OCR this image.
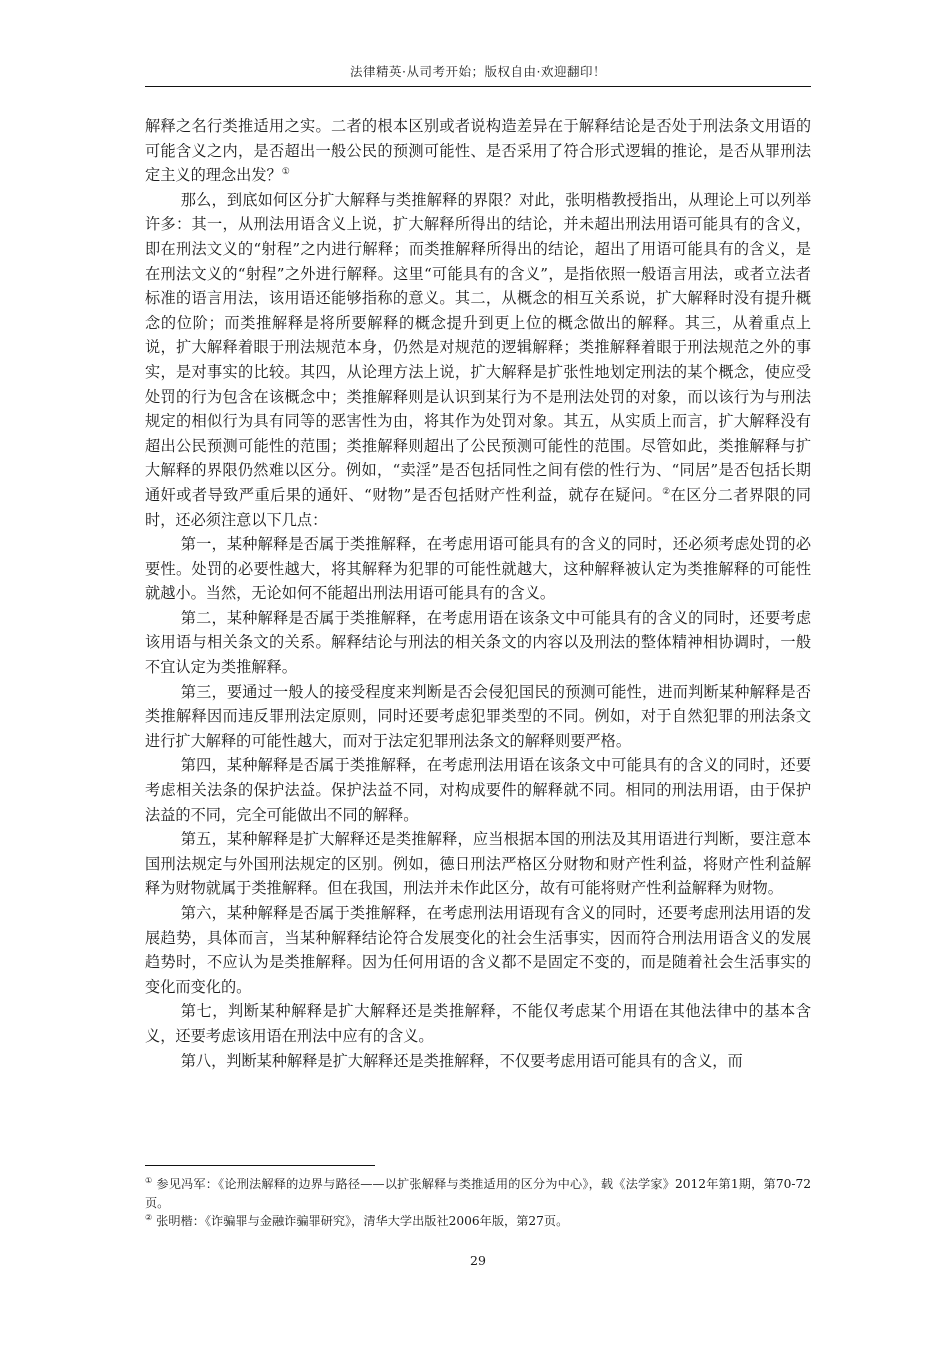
法律精英·从司考开始；版权自由·欢迎翻印！

解释之名行类推适用之实。二者的根本区别或者说构造差异在于解释结论是否处于刑法条文用语的可能含义之内，是否超出一般公民的预测可能性、是否采用了符合形式逻辑的推论，是否从罪刑法定主义的理念出发？①

那么，到底如何区分扩大解释与类推解释的界限？对此，张明楷教授指出，从理论上可以列举许多：其一，从刑法用语含义上说，扩大解释所得出的结论，并未超出刑法用语可能具有的含义，即在刑法文义的“射程”之内进行解释；而类推解释所得出的结论，超出了用语可能具有的含义，是在刑法文义的“射程”之外进行解释。这里“可能具有的含义”，是指依照一般语言用法，或者立法者标准的语言用法，该用语还能够指称的意义。其二，从概念的相互关系说，扩大解释时没有提升概念的位阶；而类推解释是将所要解释的概念提升到更上位的概念做出的解释。其三，从着重点上说，扩大解释着眼于刑法规范本身，仍然是对规范的逻辑解释；类推解释着眼于刑法规范之外的事实，是对事实的比较。其四，从论理方法上说，扩大解释是扩张性地划定刑法的某个概念，使应受处罚的行为包含在该概念中；类推解释则是认识到某行为不是刑法处罚的对象，而以该行为与刑法规定的相似行为具有同等的恶害性为由，将其作为处罚对象。其五，从实质上而言，扩大解释没有超出公民预测可能性的范围；类推解释则超出了公民预测可能性的范围。尽管如此，类推解释与扩大解释的界限仍然难以区分。例如，“卖淫”是否包括同性之间有偿的性行为、“同居”是否包括长期通奸或者导致严重后果的通奸、“财物”是否包括财产性利益，就存在疑问。②在区分二者界限的同时，还必须注意以下几点：

第一，某种解释是否属于类推解释，在考虑用语可能具有的含义的同时，还必须考虑处罚的必要性。处罚的必要性越大，将其解释为犯罪的可能性就越大，这种解释被认定为类推解释的可能性就越小。当然，无论如何不能超出刑法用语可能具有的含义。

第二，某种解释是否属于类推解释，在考虑用语在该条文中可能具有的含义的同时，还要考虑该用语与相关条文的关系。解释结论与刑法的相关条文的内容以及刑法的整体精神相协调时，一般不宜认定为类推解释。

第三，要通过一般人的接受程度来判断是否会侵犯国民的预测可能性，进而判断某种解释是否类推解释因而违反罪刑法定原则，同时还要考虑犯罪类型的不同。例如，对于自然犯罪的刑法条文进行扩大解释的可能性越大，而对于法定犯罪刑法条文的解释则要严格。

第四，某种解释是否属于类推解释，在考虑刑法用语在该条文中可能具有的含义的同时，还要考虑相关法条的保护法益。保护法益不同，对构成要件的解释就不同。相同的刑法用语，由于保护法益的不同，完全可能做出不同的解释。

第五，某种解释是扩大解释还是类推解释，应当根据本国的刑法及其用语进行判断，要注意本国刑法规定与外国刑法规定的区别。例如，德日刑法严格区分财物和财产性利益，将财产性利益解释为财物就属于类推解释。但在我国，刑法并未作此区分，故有可能将财产性利益解释为财物。

第六，某种解释是否属于类推解释，在考虑刑法用语现有含义的同时，还要考虑刑法用语的发展趋势，具体而言，当某种解释结论符合发展变化的社会生活事实，因而符合刑法用语含义的发展趋势时，不应认为是类推解释。因为任何用语的含义都不是固定不变的，而是随着社会生活事实的变化而变化的。

第七，判断某种解释是扩大解释还是类推解释，不能仅考虑某个用语在其他法律中的基本含义，还要考虑该用语在刑法中应有的含义。

第八，判断某种解释是扩大解释还是类推解释，不仅要考虑用语可能具有的含义，而

① 参见冯军：《论刑法解释的边界与路径——以扩张解释与类推适用的区分为中心》，载《法学家》2012年第1期，第70-72页。

② 张明楷：《诈骗罪与金融诈骗罪研究》，清华大学出版社2006年版，第27页。

29
